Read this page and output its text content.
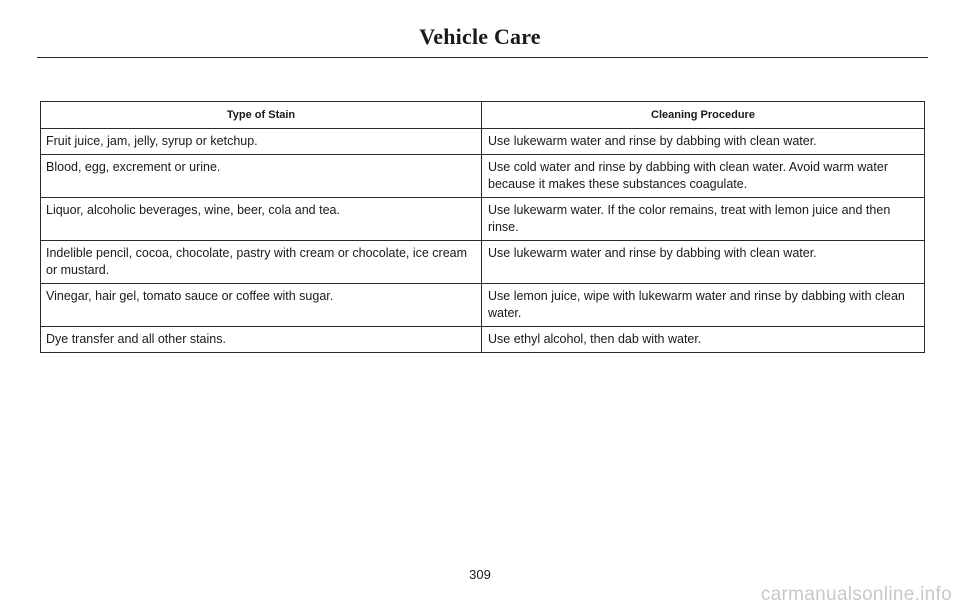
Vehicle Care
Type of Stain	Cleaning Procedure
Fruit juice, jam, jelly, syrup or ketchup.	Use lukewarm water and rinse by dabbing with clean water.
Blood, egg, excrement or urine.	Use cold water and rinse by dabbing with clean water. Avoid warm water because it makes these substances coagulate.
Liquor, alcoholic beverages, wine, beer, cola and tea.	Use lukewarm water. If the color remains, treat with lemon juice and then rinse.
Indelible pencil, cocoa, chocolate, pastry with cream or chocolate, ice cream or mustard.	Use lukewarm water and rinse by dabbing with clean water.
Vinegar, hair gel, tomato sauce or coffee with sugar.	Use lemon juice, wipe with lukewarm water and rinse by dabbing with clean water.
Dye transfer and all other stains.	Use ethyl alcohol, then dab with water.
309
carmanualsonline.info
